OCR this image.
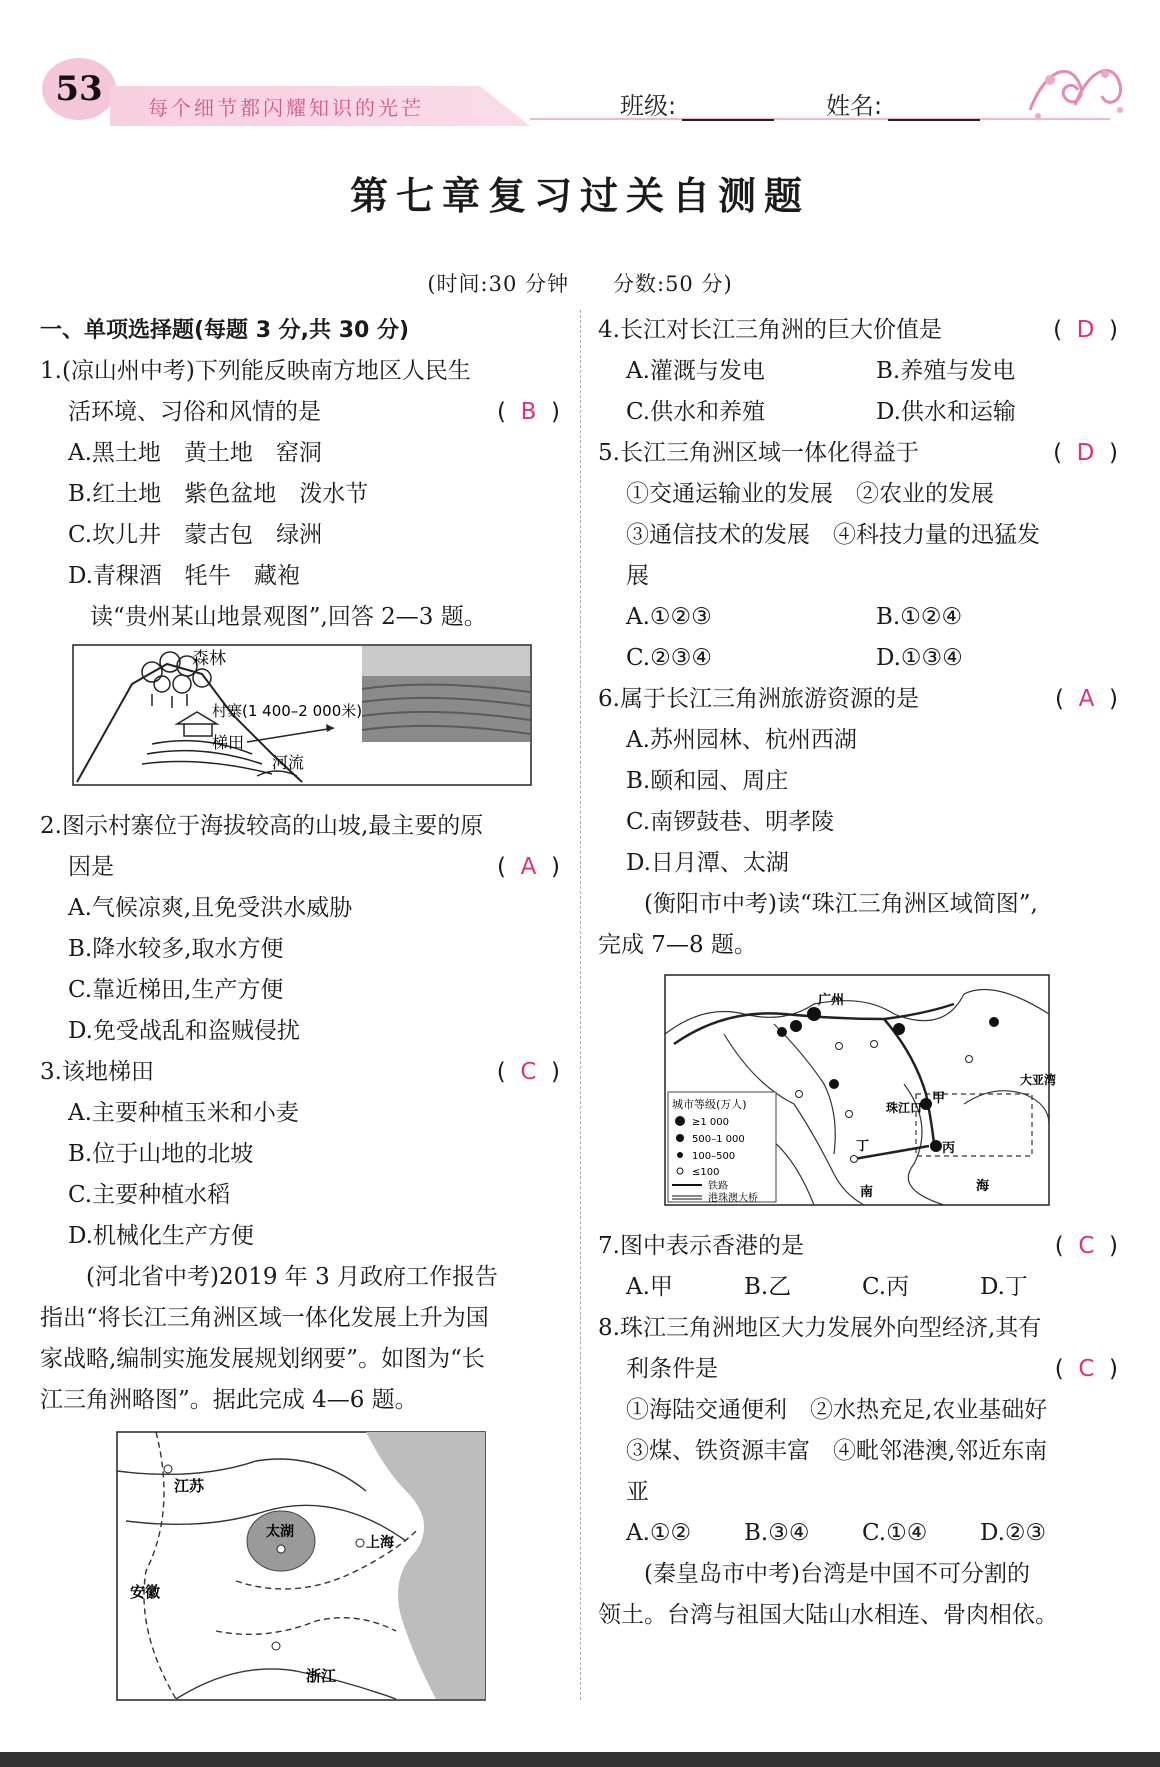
53	每个细节都闪耀知识的光芒	班级:	姓名:
第七章复习过关自测题
(时间:30 分钟　　分数:50 分)
一、单项选择题(每题 3 分,共 30 分)
1.(凉山州中考)下列能反映南方地区人民生
活环境、习俗和风情的是	(  B  )
A.黑土地　黄土地　窑洞
B.红土地　紫色盆地　泼水节
C.坎儿井　蒙古包　绿洲
D.青稞酒　牦牛　藏袍
读“贵州某山地景观图”,回答 2—3 题。
森林
村寨(1 400–2 000米)
梯田
河流
2.图示村寨位于海拔较高的山坡,最主要的原
因是	(  A  )
A.气候凉爽,且免受洪水威胁
B.降水较多,取水方便
C.靠近梯田,生产方便
D.免受战乱和盗贼侵扰
3.该地梯田	(  C  )
A.主要种植玉米和小麦
B.位于山地的北坡
C.主要种植水稻
D.机械化生产方便
(河北省中考)2019 年 3 月政府工作报告
指出“将长江三角洲区域一体化发展上升为国
家战略,编制实施发展规划纲要”。如图为“长
江三角洲略图”。据此完成 4—6 题。
江苏
太湖
上海
安徽
浙江
4.长江对长江三角洲的巨大价值是	(  D  )
A.灌溉与发电	B.养殖与发电
C.供水和养殖	D.供水和运输
5.长江三角洲区域一体化得益于	(  D  )
①交通运输业的发展　②农业的发展
③通信技术的发展　④科技力量的迅猛发
展
A.①②③	B.①②④
C.②③④	D.①③④
6.属于长江三角洲旅游资源的是	(  A  )
A.苏州园林、杭州西湖
B.颐和园、周庄
C.南锣鼓巷、明孝陵
D.日月潭、太湖
(衡阳市中考)读“珠江三角洲区域简图”,
完成 7—8 题。
广州
甲
大亚湾
珠江口
丁	丙
南	海
城市等级(万人)
≥1 000
500–1 000
100–500
≤100
铁路
港珠澳大桥
7.图中表示香港的是	(  C  )
A.甲	B.乙	C.丙	D.丁
8.珠江三角洲地区大力发展外向型经济,其有
利条件是	(  C  )
①海陆交通便利　②水热充足,农业基础好
③煤、铁资源丰富　④毗邻港澳,邻近东南
亚
A.①②	B.③④	C.①④	D.②③
(秦皇岛市中考)台湾是中国不可分割的
领土。台湾与祖国大陆山水相连、骨肉相依。
